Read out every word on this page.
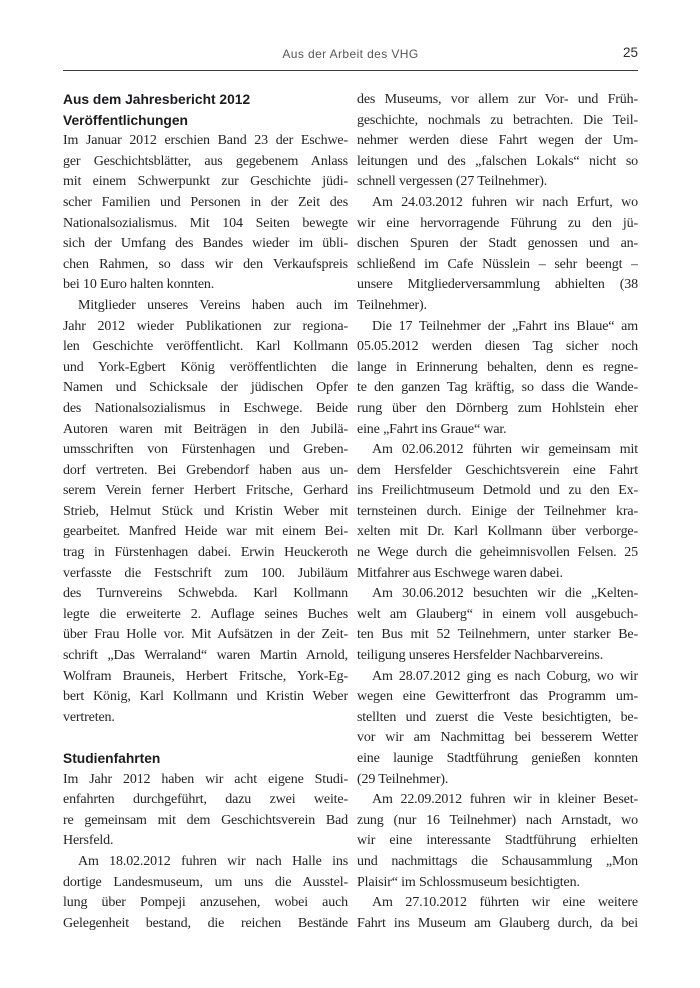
Aus der Arbeit des VHG	25
Aus dem Jahresbericht 2012
Veröffentlichungen
Im Januar 2012 erschien Band 23 der Eschwe-
ger Geschichtsblätter, aus gegebenem Anlass
mit einem Schwerpunkt zur Geschichte jüdi-
scher Familien und Personen in der Zeit des
Nationalsozialismus. Mit 104 Seiten bewegte
sich der Umfang des Bandes wieder im übli-
chen Rahmen, so dass wir den Verkaufspreis
bei 10 Euro halten konnten.
Mitglieder unseres Vereins haben auch im
Jahr 2012 wieder Publikationen zur regiona-
len Geschichte veröffentlicht. Karl Kollmann
und York-Egbert König veröffentlichten die
Namen und Schicksale der jüdischen Opfer
des Nationalsozialismus in Eschwege. Beide
Autoren waren mit Beiträgen in den Jubilä-
umsschriften von Fürstenhagen und Greben-
dorf vertreten. Bei Grebendorf haben aus un-
serem Verein ferner Herbert Fritsche, Gerhard
Strieb, Helmut Stück und Kristin Weber mit
gearbeitet. Manfred Heide war mit einem Bei-
trag in Fürstenhagen dabei. Erwin Heuckeroth
verfasste die Festschrift zum 100. Jubiläum
des Turnvereins Schwebda. Karl Kollmann
legte die erweiterte 2. Auflage seines Buches
über Frau Holle vor. Mit Aufsätzen in der Zeit-
schrift „Das Werraland“ waren Martin Arnold,
Wolfram Brauneis, Herbert Fritsche, York-Eg-
bert König, Karl Kollmann und Kristin Weber
vertreten.
Studienfahrten
Im Jahr 2012 haben wir acht eigene Studi-
enfahrten durchgeführt, dazu zwei weite-
re gemeinsam mit dem Geschichtsverein Bad
Hersfeld.
Am 18.02.2012 fuhren wir nach Halle ins
dortige Landesmuseum, um uns die Ausstel-
lung über Pompeji anzusehen, wobei auch
Gelegenheit bestand, die reichen Bestände
des Museums, vor allem zur Vor- und Früh-
geschichte, nochmals zu betrachten. Die Teil-
nehmer werden diese Fahrt wegen der Um-
leitungen und des „falschen Lokals“ nicht so
schnell vergessen (27 Teilnehmer).
Am 24.03.2012 fuhren wir nach Erfurt, wo
wir eine hervorragende Führung zu den jü-
dischen Spuren der Stadt genossen und an-
schließend im Cafe Nüsslein – sehr beengt –
unsere Mitgliederversammlung abhielten (38
Teilnehmer).
Die 17 Teilnehmer der „Fahrt ins Blaue“ am
05.05.2012 werden diesen Tag sicher noch
lange in Erinnerung behalten, denn es regne-
te den ganzen Tag kräftig, so dass die Wande-
rung über den Dörnberg zum Hohlstein eher
eine „Fahrt ins Graue“ war.
Am 02.06.2012 führten wir gemeinsam mit
dem Hersfelder Geschichtsverein eine Fahrt
ins Freilichtmuseum Detmold und zu den Ex-
ternsteinen durch. Einige der Teilnehmer kra-
xelten mit Dr. Karl Kollmann über verborge-
ne Wege durch die geheimnisvollen Felsen. 25
Mitfahrer aus Eschwege waren dabei.
Am 30.06.2012 besuchten wir die „Kelten-
welt am Glauberg“ in einem voll ausgebuch-
ten Bus mit 52 Teilnehmern, unter starker Be-
teiligung unseres Hersfelder Nachbarvereins.
Am 28.07.2012 ging es nach Coburg, wo wir
wegen eine Gewitterfront das Programm um-
stellten und zuerst die Veste besichtigten, be-
vor wir am Nachmittag bei besserem Wetter
eine launige Stadtführung genießen konnten
(29 Teilnehmer).
Am 22.09.2012 fuhren wir in kleiner Beset-
zung (nur 16 Teilnehmer) nach Arnstadt, wo
wir eine interessante Stadtführung erhielten
und nachmittags die Schausammlung „Mon
Plaisir“ im Schlossmuseum besichtigten.
Am 27.10.2012 führten wir eine weitere
Fahrt ins Museum am Glauberg durch, da bei
